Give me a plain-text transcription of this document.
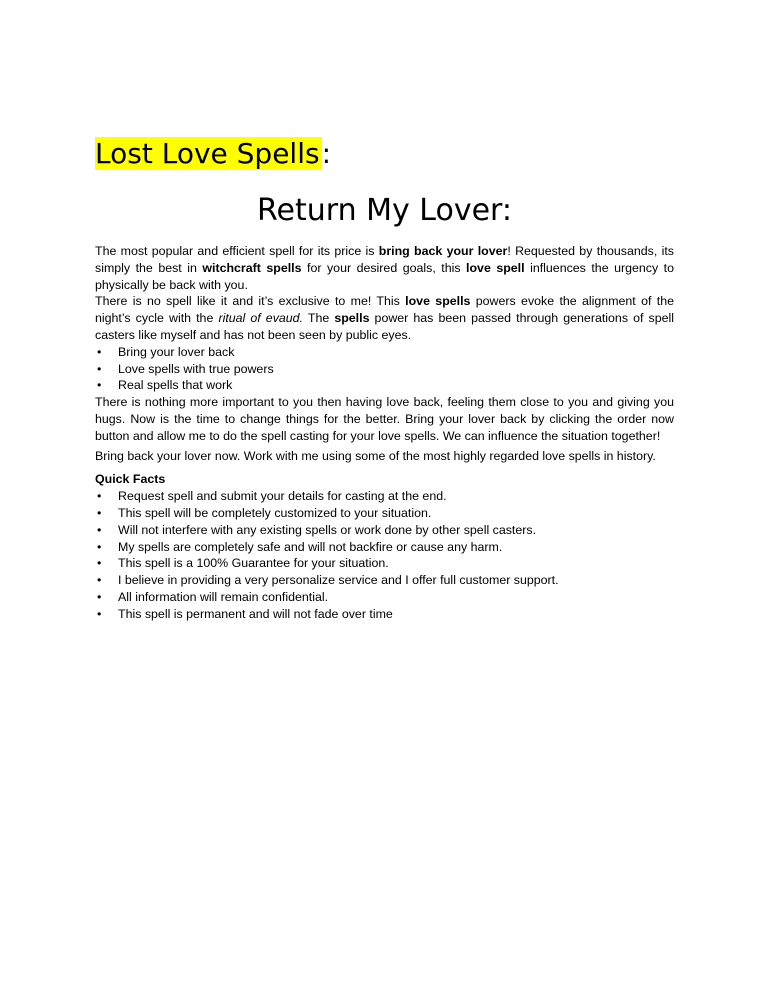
Lost Love Spells:
Return My Lover:

The most popular and efficient spell for its price is bring back your lover! Requested by thousands, its simply the best in witchcraft spells for your desired goals, this love spell influences the urgency to physically be back with you.

There is no spell like it and it’s exclusive to me! This love spells powers evoke the alignment of the night’s cycle with the ritual of evaud. The spells power has been passed through generations of spell casters like myself and has not been seen by public eyes.

• Bring your lover back
• Love spells with true powers
• Real spells that work

There is nothing more important to you then having love back, feeling them close to you and giving you hugs. Now is the time to change things for the better. Bring your lover back by clicking the order now button and allow me to do the spell casting for your love spells. We can influence the situation together!

Bring back your lover now. Work with me using some of the most highly regarded love spells in history.

Quick Facts

• Request spell and submit your details for casting at the end.
• This spell will be completely customized to your situation.
• Will not interfere with any existing spells or work done by other spell casters.
• My spells are completely safe and will not backfire or cause any harm.
• This spell is a 100% Guarantee for your situation.
• I believe in providing a very personalize service and I offer full customer support.
• All information will remain confidential.
• This spell is permanent and will not fade over time
